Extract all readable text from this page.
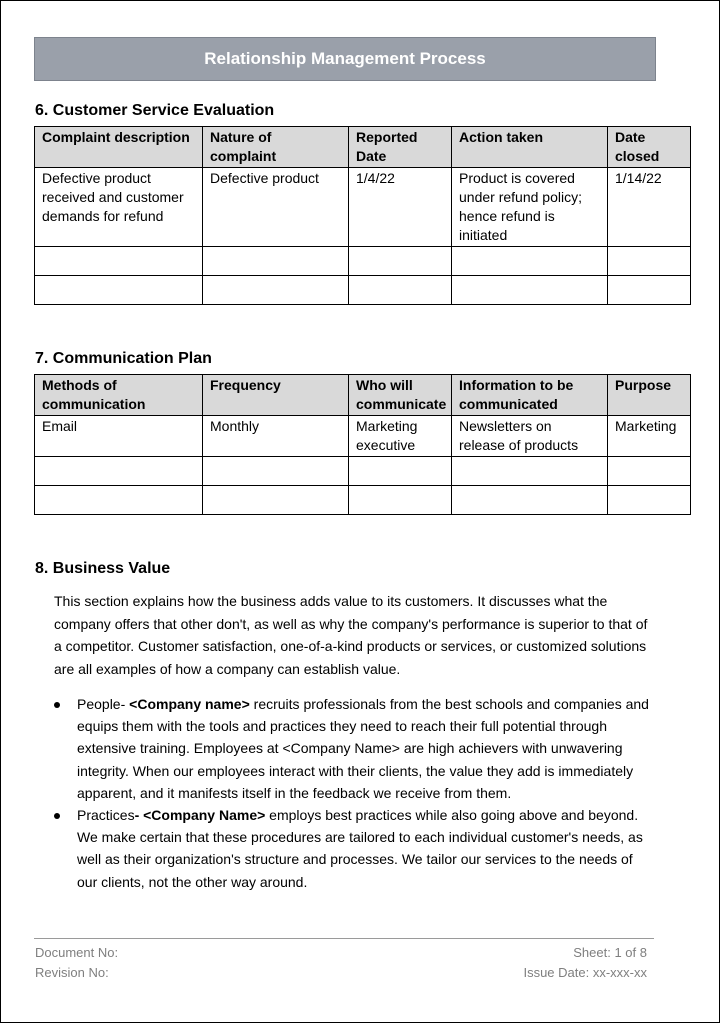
Relationship Management Process
6. Customer Service Evaluation
Complaint description	Nature of complaint	Reported Date	Action taken	Date closed
Defective product received and customer demands for refund	Defective product	1/4/22	Product is covered under refund policy; hence refund is initiated	1/14/22

7. Communication Plan
Methods of communication	Frequency	Who will communicate	Information to be communicated	Purpose
Email	Monthly	Marketing executive	Newsletters on release of products	Marketing

8. Business Value

This section explains how the business adds value to its customers. It discusses what the company offers that other don't, as well as why the company's performance is superior to that of a competitor. Customer satisfaction, one-of-a-kind products or services, or customized solutions are all examples of how a company can establish value.

People- <Company name> recruits professionals from the best schools and companies and equips them with the tools and practices they need to reach their full potential through extensive training. Employees at <Company Name> are high achievers with unwavering integrity. When our employees interact with their clients, the value they add is immediately apparent, and it manifests itself in the feedback we receive from them.
Practices- <Company Name> employs best practices while also going above and beyond. We make certain that these procedures are tailored to each individual customer's needs, as well as their organization's structure and processes. We tailor our services to the needs of our clients, not the other way around.
Document No:
Revision No:
Sheet: 1 of 8
Issue Date: xx-xxx-xx
